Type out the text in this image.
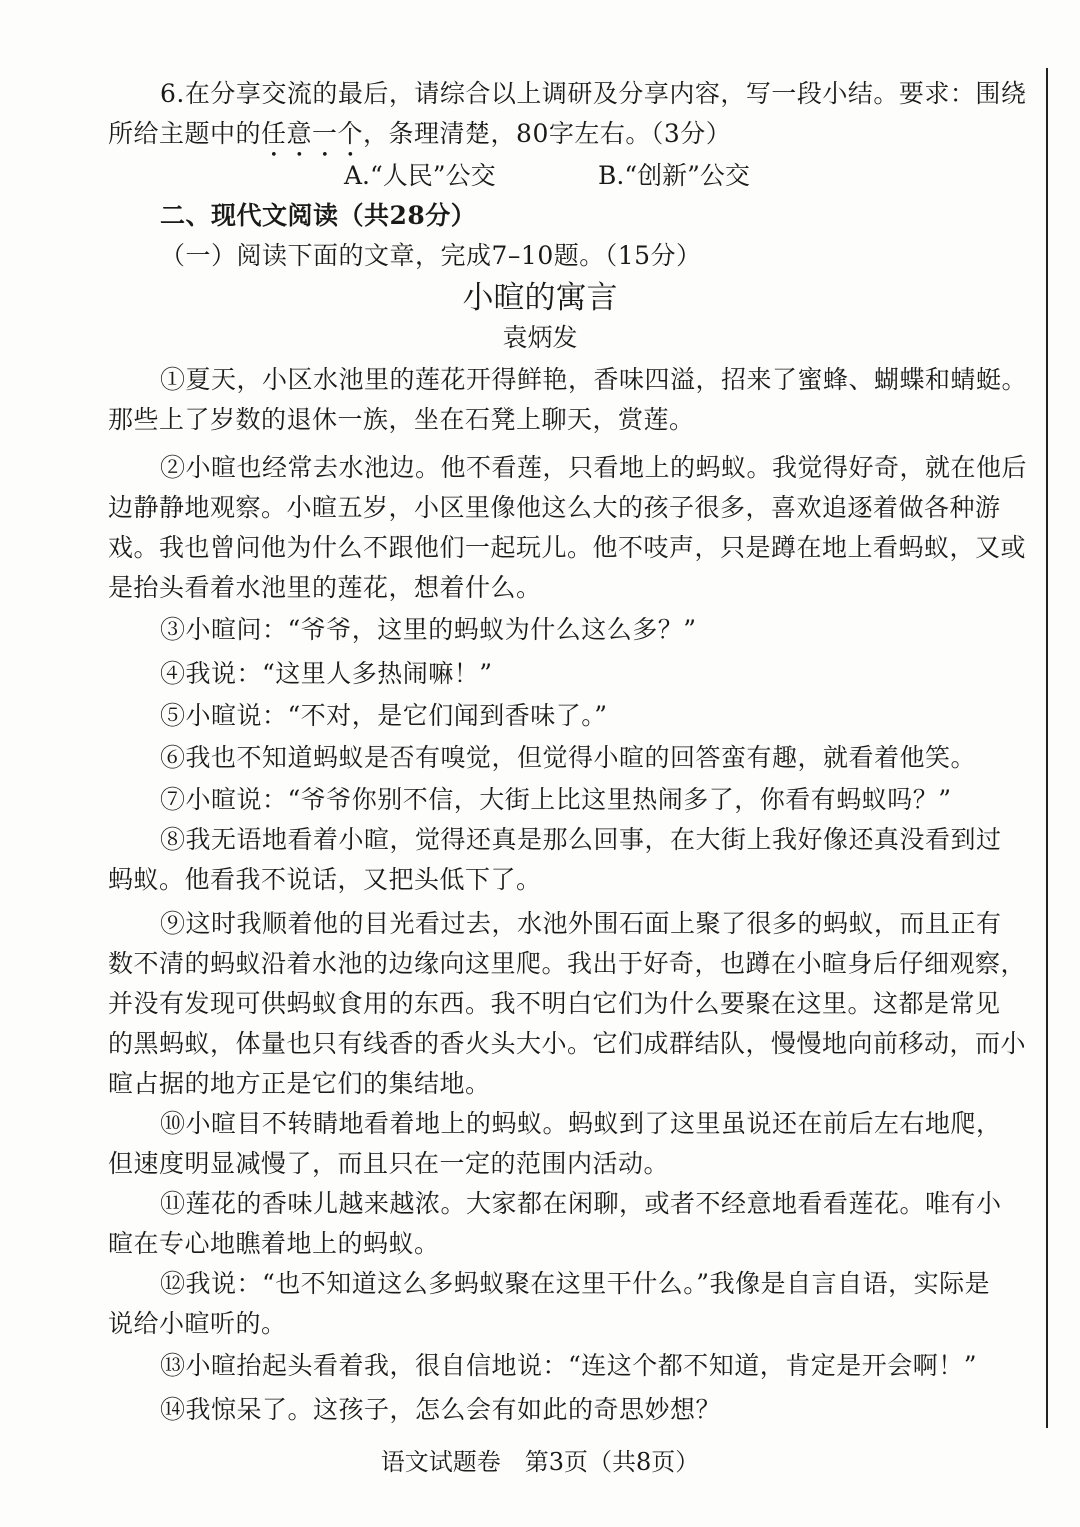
6.在分享交流的最后，请综合以上调研及分享内容，写一段小结。要求：围绕
所给主题中的任意一个，条理清楚，80字左右。（3分）
A.“人民”公交	B.“创新”公交
二、现代文阅读（共28分）
（一）阅读下面的文章，完成7–10题。（15分）
小暄的寓言
袁炳发
①夏天，小区水池里的莲花开得鲜艳，香味四溢，招来了蜜蜂、蝴蝶和蜻蜓。
那些上了岁数的退休一族，坐在石凳上聊天，赏莲。
②小暄也经常去水池边。他不看莲，只看地上的蚂蚁。我觉得好奇，就在他后
边静静地观察。小暄五岁，小区里像他这么大的孩子很多，喜欢追逐着做各种游
戏。我也曾问他为什么不跟他们一起玩儿。他不吱声，只是蹲在地上看蚂蚁，又或
是抬头看着水池里的莲花，想着什么。
③小暄问：“爷爷，这里的蚂蚁为什么这么多？”
④我说：“这里人多热闹嘛！”
⑤小暄说：“不对，是它们闻到香味了。”
⑥我也不知道蚂蚁是否有嗅觉，但觉得小暄的回答蛮有趣，就看着他笑。
⑦小暄说：“爷爷你别不信，大街上比这里热闹多了，你看有蚂蚁吗？”
⑧我无语地看着小暄，觉得还真是那么回事，在大街上我好像还真没看到过
蚂蚁。他看我不说话，又把头低下了。
⑨这时我顺着他的目光看过去，水池外围石面上聚了很多的蚂蚁，而且正有
数不清的蚂蚁沿着水池的边缘向这里爬。我出于好奇，也蹲在小暄身后仔细观察，
并没有发现可供蚂蚁食用的东西。我不明白它们为什么要聚在这里。这都是常见
的黑蚂蚁，体量也只有线香的香火头大小。它们成群结队，慢慢地向前移动，而小
暄占据的地方正是它们的集结地。
⑩小暄目不转睛地看着地上的蚂蚁。蚂蚁到了这里虽说还在前后左右地爬，
但速度明显减慢了，而且只在一定的范围内活动。
⑪莲花的香味儿越来越浓。大家都在闲聊，或者不经意地看看莲花。唯有小
暄在专心地瞧着地上的蚂蚁。
⑫我说：“也不知道这么多蚂蚁聚在这里干什么。”我像是自言自语，实际是
说给小暄听的。
⑬小暄抬起头看着我，很自信地说：“连这个都不知道，肯定是开会啊！”
⑭我惊呆了。这孩子，怎么会有如此的奇思妙想？
语文试题卷　第3页（共8页）
